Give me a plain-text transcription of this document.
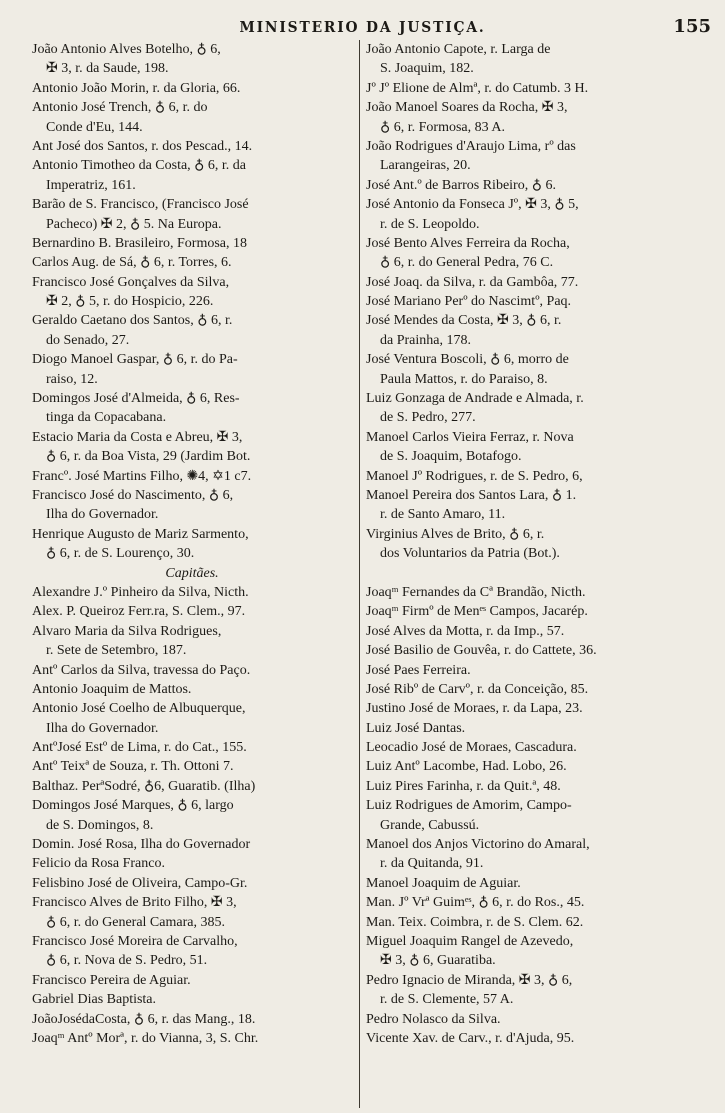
MINISTERIO DA JUSTIÇA.	155
João Antonio Alves Botelho, ♁ 6,
✠ 3, r. da Saude, 198.
Antonio João Morin, r. da Gloria, 66.
Antonio José Trench, ♁ 6, r. do
Conde d'Eu, 144.
Ant José dos Santos, r. dos Pescad., 14.
Antonio Timotheo da Costa, ♁ 6, r. da
Imperatriz, 161.
Barão de S. Francisco, (Francisco José
Pacheco) ✠ 2, ♁ 5. Na Europa.
Bernardino B. Brasileiro, Formosa, 18
Carlos Aug. de Sá, ♁ 6, r. Torres, 6.
Francisco José Gonçalves da Silva,
✠ 2, ♁ 5, r. do Hospicio, 226.
Geraldo Caetano dos Santos, ♁ 6, r.
do Senado, 27.
Diogo Manoel Gaspar, ♁ 6, r. do Pa-
raiso, 12.
Domingos José d'Almeida, ♁ 6, Res-
tinga da Copacabana.
Estacio Maria da Costa e Abreu, ✠ 3,
♁ 6, r. da Boa Vista, 29 (Jardim Bot.
Francº. José Martins Filho, ✺4, ✡1 c7.
Francisco José do Nascimento, ♁ 6,
Ilha do Governador.
Henrique Augusto de Mariz Sarmento,
♁ 6, r. de S. Lourenço, 30.
Capitães.
Alexandre J.º Pinheiro da Silva, Nicth.
Alex. P. Queiroz Ferr.ra, S. Clem., 97.
Alvaro Maria da Silva Rodrigues,
r. Sete de Setembro, 187.
Antº Carlos da Silva, travessa do Paço.
Antonio Joaquim de Mattos.
Antonio José Coelho de Albuquerque,
Ilha do Governador.
AntºJosé Estº de Lima, r. do Cat., 155.
Antº Teixª de Souza, r. Th. Ottoni 7.
Balthaz. PerªSodré, ♁6, Guaratib. (Ilha)
Domingos José Marques, ♁ 6, largo
de S. Domingos, 8.
Domin. José Rosa, Ilha do Governador
Felicio da Rosa Franco.
Felisbino José de Oliveira, Campo-Gr.
Francisco Alves de Brito Filho, ✠ 3,
♁ 6, r. do General Camara, 385.
Francisco José Moreira de Carvalho,
♁ 6, r. Nova de S. Pedro, 51.
Francisco Pereira de Aguiar.
Gabriel Dias Baptista.
JoãoJosédaCosta, ♁ 6, r. das Mang., 18.
Joaqᵐ Antº Morª, r. do Vianna, 3, S. Chr.
João Antonio Capote, r. Larga de
S. Joaquim, 182.
Jº Jº Elione de Almª, r. do Catumb. 3 H.
João Manoel Soares da Rocha, ✠ 3,
♁ 6, r. Formosa, 83 A.
João Rodrigues d'Araujo Lima, rº das
Larangeiras, 20.
José Ant.º de Barros Ribeiro, ♁ 6.
José Antonio da Fonseca Jº, ✠ 3, ♁ 5,
r. de S. Leopoldo.
José Bento Alves Ferreira da Rocha,
♁ 6, r. do General Pedra, 76 C.
José Joaq. da Silva, r. da Gambôa, 77.
José Mariano Perº do Nascimtº, Paq.
José Mendes da Costa, ✠ 3, ♁ 6, r.
da Prainha, 178.
José Ventura Boscoli, ♁ 6, morro de
Paula Mattos, r. do Paraiso, 8.
Luiz Gonzaga de Andrade e Almada, r.
de S. Pedro, 277.
Manoel Carlos Vieira Ferraz, r. Nova
de S. Joaquim, Botafogo.
Manoel Jº Rodrigues, r. de S. Pedro, 6,
Manoel Pereira dos Santos Lara, ♁ 1.
r. de Santo Amaro, 11.
Virginius Alves de Brito, ♁ 6, r.
dos Voluntarios da Patria (Bot.).
Joaqᵐ Fernandes da Cª Brandão, Nicth.
Joaqᵐ Firmº de Menᵉˢ Campos, Jacarép.
José Alves da Motta, r. da Imp., 57.
José Basilio de Gouvêa, r. do Cattete, 36.
José Paes Ferreira.
José Ribº de Carvº, r. da Conceição, 85.
Justino José de Moraes, r. da Lapa, 23.
Luiz José Dantas.
Leocadio José de Moraes, Cascadura.
Luiz Antº Lacombe, Had. Lobo, 26.
Luiz Pires Farinha, r. da Quit.ª, 48.
Luiz Rodrigues de Amorim, Campo-
Grande, Cabussú.
Manoel dos Anjos Victorino do Amaral,
r. da Quitanda, 91.
Manoel Joaquim de Aguiar.
Man. Jº Vrª Guimᵉˢ, ♁ 6, r. do Ros., 45.
Man. Teix. Coimbra, r. de S. Clem. 62.
Miguel Joaquim Rangel de Azevedo,
✠ 3, ♁ 6, Guaratiba.
Pedro Ignacio de Miranda, ✠ 3, ♁ 6,
r. de S. Clemente, 57 A.
Pedro Nolasco da Silva.
Vicente Xav. de Carv., r. d'Ajuda, 95.
